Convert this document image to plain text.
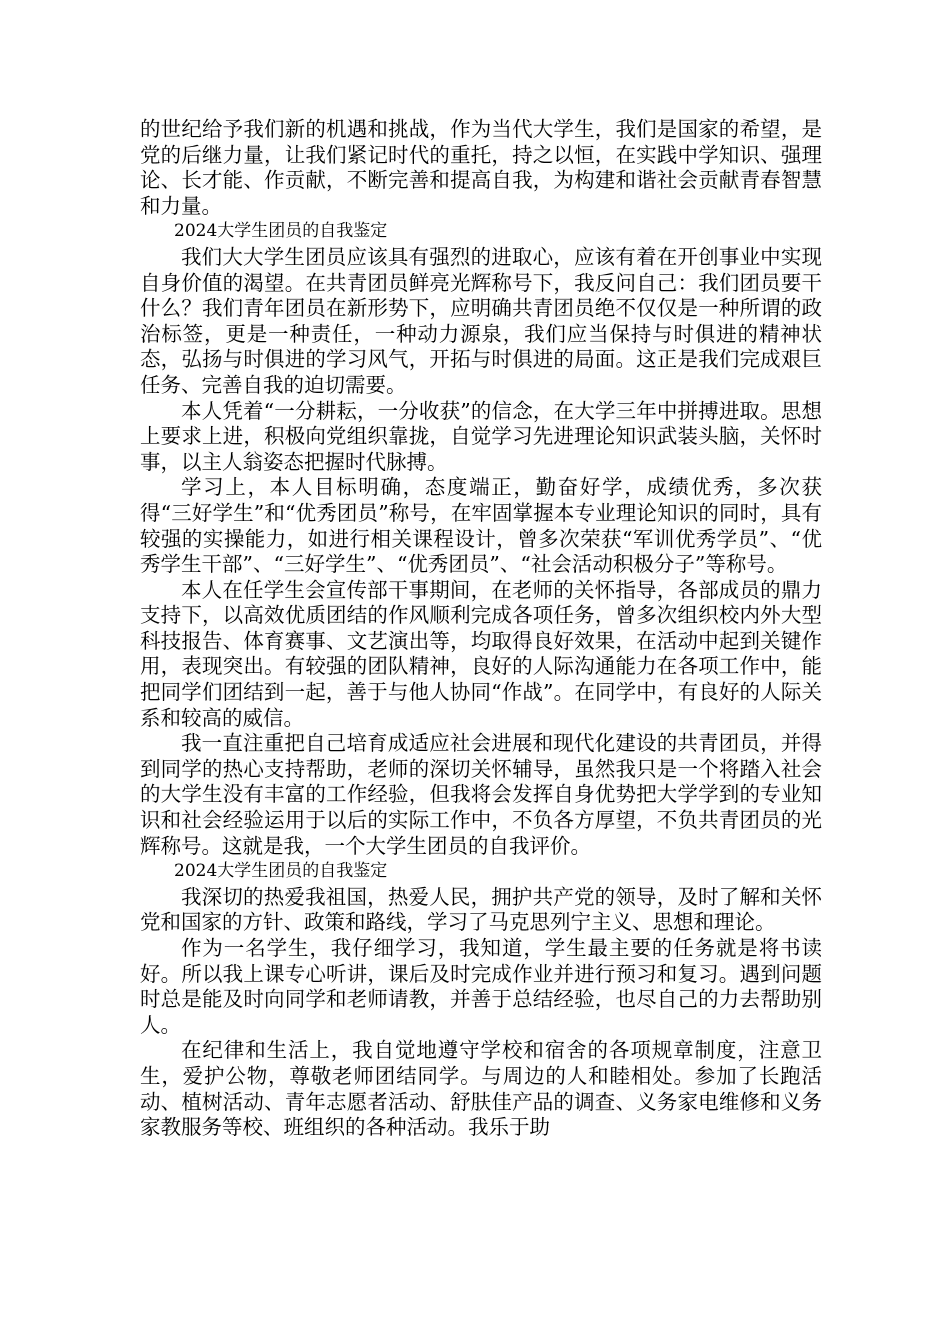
的世纪给予我们新的机遇和挑战，作为当代大学生，我们是国家的希望，是党的后继力量，让我们紧记时代的重托，持之以恒，在实践中学知识、强理论、长才能、作贡献，不断完善和提高自我，为构建和谐社会贡献青春智慧和力量。

2024大学生团员的自我鉴定

我们大大学生团员应该具有强烈的进取心，应该有着在开创事业中实现自身价值的渴望。在共青团员鲜亮光辉称号下，我反问自己：我们团员要干什么？我们青年团员在新形势下，应明确共青团员绝不仅仅是一种所谓的政治标签，更是一种责任，一种动力源泉，我们应当保持与时俱进的精神状态，弘扬与时俱进的学习风气，开拓与时俱进的局面。这正是我们完成艰巨任务、完善自我的迫切需要。

本人凭着“一分耕耘，一分收获”的信念，在大学三年中拼搏进取。思想上要求上进，积极向党组织靠拢，自觉学习先进理论知识武装头脑，关怀时事，以主人翁姿态把握时代脉搏。

学习上，本人目标明确，态度端正，勤奋好学，成绩优秀，多次获得“三好学生”和“优秀团员”称号，在牢固掌握本专业理论知识的同时，具有较强的实操能力，如进行相关课程设计，曾多次荣获“军训优秀学员”、“优秀学生干部”、“三好学生”、“优秀团员”、“社会活动积极分子”等称号。

本人在任学生会宣传部干事期间，在老师的关怀指导，各部成员的鼎力支持下，以高效优质团结的作风顺利完成各项任务，曾多次组织校内外大型科技报告、体育赛事、文艺演出等，均取得良好效果，在活动中起到关键作用，表现突出。有较强的团队精神，良好的人际沟通能力在各项工作中，能把同学们团结到一起，善于与他人协同“作战”。在同学中，有良好的人际关系和较高的威信。

我一直注重把自己培育成适应社会进展和现代化建设的共青团员，并得到同学的热心支持帮助，老师的深切关怀辅导，虽然我只是一个将踏入社会的大学生没有丰富的工作经验，但我将会发挥自身优势把大学学到的专业知识和社会经验运用于以后的实际工作中，不负各方厚望，不负共青团员的光辉称号。这就是我，一个大学生团员的自我评价。

2024大学生团员的自我鉴定

我深切的热爱我祖国，热爱人民，拥护共产党的领导，及时了解和关怀党和国家的方针、政策和路线，学习了马克思列宁主义、思想和理论。

作为一名学生，我仔细学习，我知道，学生最主要的任务就是将书读好。所以我上课专心听讲，课后及时完成作业并进行预习和复习。遇到问题时总是能及时向同学和老师请教，并善于总结经验，也尽自己的力去帮助别人。

在纪律和生活上，我自觉地遵守学校和宿舍的各项规章制度，注意卫生，爱护公物，尊敬老师团结同学。与周边的人和睦相处。参加了长跑活动、植树活动、青年志愿者活动、舒肤佳产品的调查、义务家电维修和义务家教服务等校、班组织的各种活动。我乐于助
